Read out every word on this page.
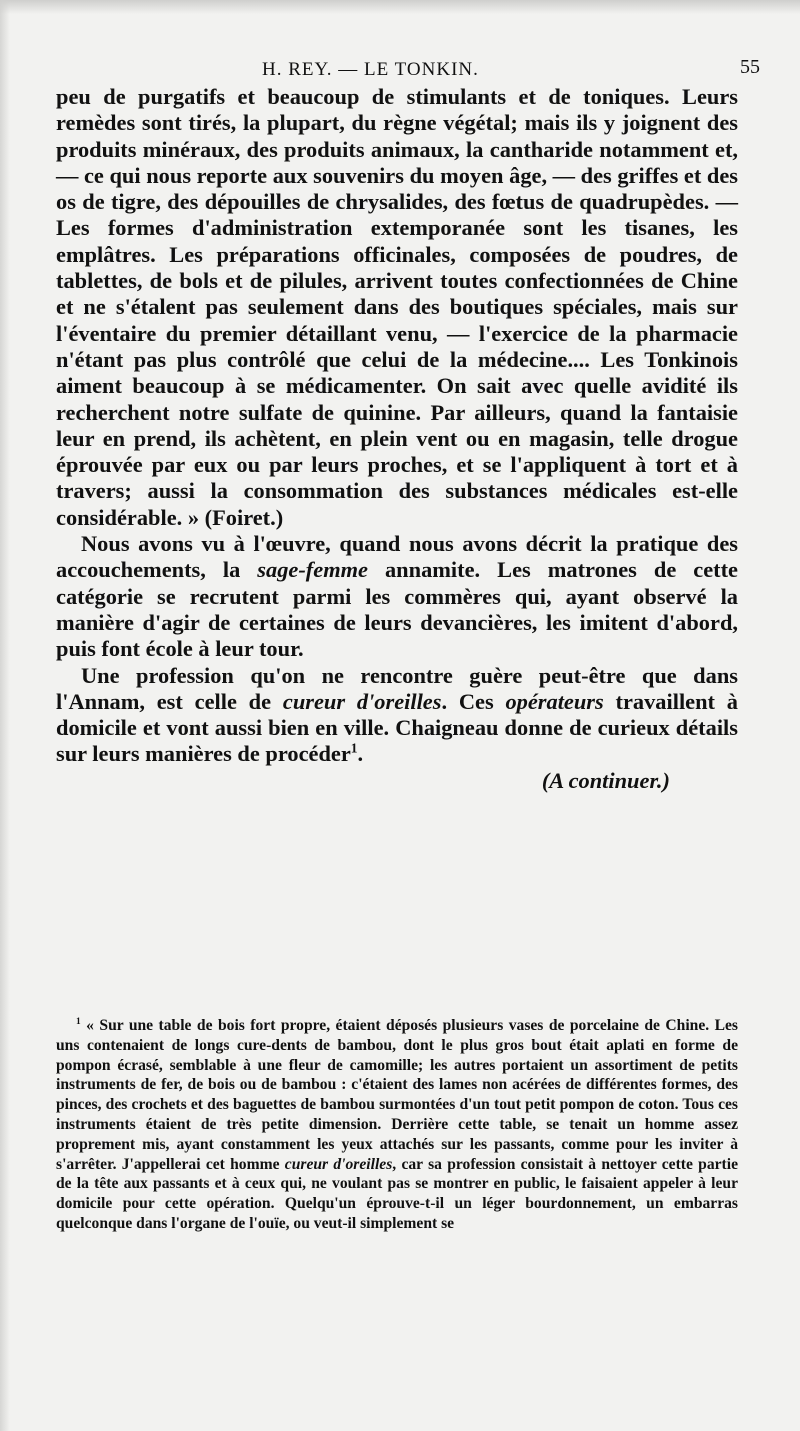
H. REY. — LE TONKIN.	55

peu de purgatifs et beaucoup de stimulants et de toniques. Leurs remèdes sont tirés, la plupart, du règne végétal; mais ils y joignent des produits minéraux, des produits animaux, la cantharide notamment et, — ce qui nous reporte aux souvenirs du moyen âge, — des griffes et des os de tigre, des dépouilles de chrysalides, des fœtus de quadrupèdes. — Les formes d'administration extemporanée sont les tisanes, les emplâtres. Les préparations officinales, composées de poudres, de tablettes, de bols et de pilules, arrivent toutes confectionnées de Chine et ne s'étalent pas seulement dans des boutiques spéciales, mais sur l'éventaire du premier détaillant venu, — l'exercice de la pharmacie n'étant pas plus contrôlé que celui de la médecine.... Les Tonkinois aiment beaucoup à se médicamenter. On sait avec quelle avidité ils recherchent notre sulfate de quinine. Par ailleurs, quand la fantaisie leur en prend, ils achètent, en plein vent ou en magasin, telle drogue éprouvée par eux ou par leurs proches, et se l'appliquent à tort et à travers; aussi la consommation des substances médicales est-elle considérable. » (Foiret.)

Nous avons vu à l'œuvre, quand nous avons décrit la pratique des accouchements, la sage-femme annamite. Les matrones de cette catégorie se recrutent parmi les commères qui, ayant observé la manière d'agir de certaines de leurs devancières, les imitent d'abord, puis font école à leur tour.

Une profession qu'on ne rencontre guère peut-être que dans l'Annam, est celle de cureur d'oreilles. Ces opérateurs travaillent à domicile et vont aussi bien en ville. Chaigneau donne de curieux détails sur leurs manières de procéder$^1$.

(A continuer.)

$^1$ « Sur une table de bois fort propre, étaient déposés plusieurs vases de porcelaine de Chine. Les uns contenaient de longs cure-dents de bambou, dont le plus gros bout était aplati en forme de pompon écrasé, semblable à une fleur de camomille; les autres portaient un assortiment de petits instruments de fer, de bois ou de bambou : c'étaient des lames non acérées de différentes formes, des pinces, des crochets et des baguettes de bambou surmontées d'un tout petit pompon de coton. Tous ces instruments étaient de très petite dimension. Derrière cette table, se tenait un homme assez proprement mis, ayant constamment les yeux attachés sur les passants, comme pour les inviter à s'arrêter. J'appellerai cet homme cureur d'oreilles, car sa profession consistait à nettoyer cette partie de la tête aux passants et à ceux qui, ne voulant pas se montrer en public, le faisaient appeler à leur domicile pour cette opération. Quelqu'un éprouve-t-il un léger bourdonnement, un embarras quelconque dans l'organe de l'ouïe, ou veut-il simplement se
